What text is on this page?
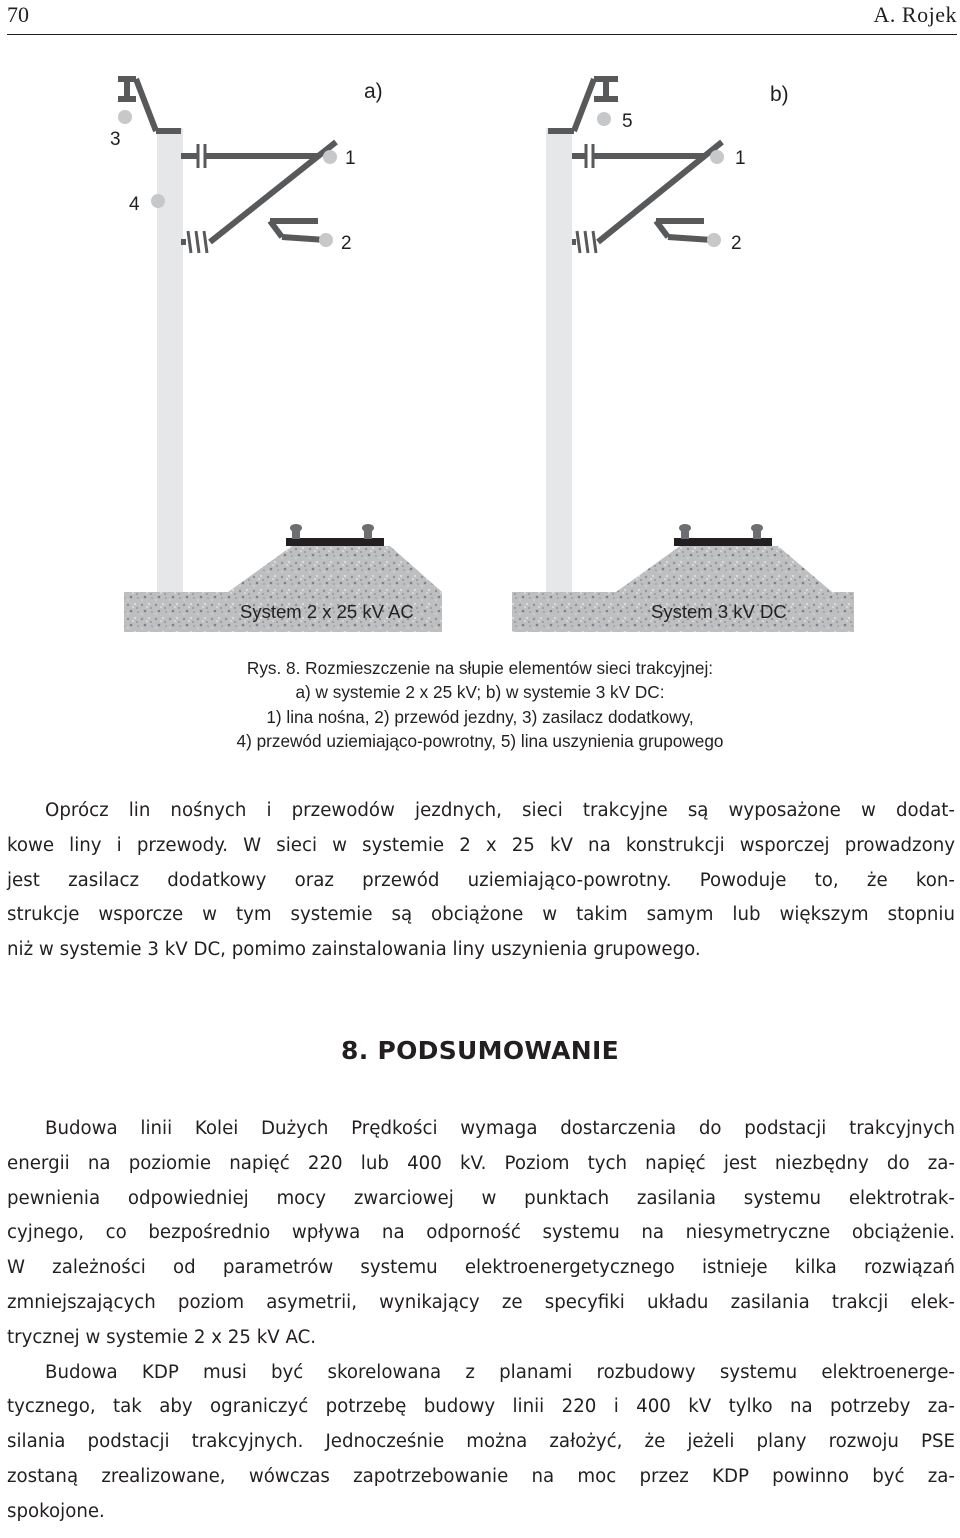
70	A. Rojek
3
4
1
2
a)
System 2 x 25 kV AC
5
1
2
b)
System 3 kV DC
Rys. 8. Rozmieszczenie na słupie elementów sieci trakcyjnej:
a) w systemie 2 x 25 kV; b) w systemie 3 kV DC:
1) lina nośna, 2) przewód jezdny, 3) zasilacz dodatkowy,
4) przewód uziemiająco-powrotny, 5) lina uszynienia grupowego
Oprócz lin nośnych i przewodów jezdnych, sieci trakcyjne są wyposażone w dodat-
kowe liny i przewody. W sieci w systemie 2 x 25 kV na konstrukcji wsporczej prowadzony
jest zasilacz dodatkowy oraz przewód uziemiająco-powrotny. Powoduje to, że kon-
strukcje wsporcze w tym systemie są obciążone w takim samym lub większym stopniu
niż w systemie 3 kV DC, pomimo zainstalowania liny uszynienia grupowego.
8. PODSUMOWANIE
Budowa linii Kolei Dużych Prędkości wymaga dostarczenia do podstacji trakcyjnych
energii na poziomie napięć 220 lub 400 kV. Poziom tych napięć jest niezbędny do za-
pewnienia odpowiedniej mocy zwarciowej w punktach zasilania systemu elektrotrak-
cyjnego, co bezpośrednio wpływa na odporność systemu na niesymetryczne obciążenie.
W zależności od parametrów systemu elektroenergetycznego istnieje kilka rozwiązań
zmniejszających poziom asymetrii, wynikający ze specyfiki układu zasilania trakcji elek-
trycznej w systemie 2 x 25 kV AC.
Budowa KDP musi być skorelowana z planami rozbudowy systemu elektroenerge-
tycznego, tak aby ograniczyć potrzebę budowy linii 220 i 400 kV tylko na potrzeby za-
silania podstacji trakcyjnych. Jednocześnie można założyć, że jeżeli plany rozwoju PSE
zostaną zrealizowane, wówczas zapotrzebowanie na moc przez KDP powinno być za-
spokojone.
